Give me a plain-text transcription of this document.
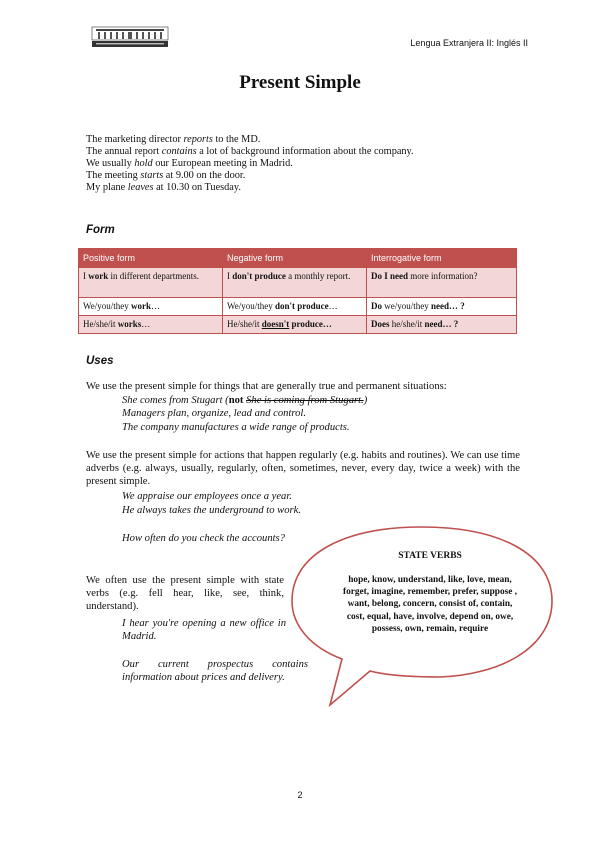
Lengua Extranjera II: Inglés II
Present Simple
The marketing director reports to the MD.
The annual report contains a lot of background information about the company.
We usually hold our European meeting in Madrid.
The meeting starts at 9.00 on the door.
My plane leaves at 10.30 on Tuesday.
Form
Positive form	Negative form	Interrogative form
I work in different departments.	I don't produce a monthly report.	Do I need more information?
We/you/they work…	We/you/they don't produce…	Do we/you/they need… ?
He/she/it works…	He/she/it doesn't produce…	Does he/she/it need… ?
Uses
We use the present simple for things that are generally true and permanent situations:
She comes from Stugart (not She is coming from Stugart.)
Managers plan, organize, lead and control.
The company manufactures a wide range of products.
We use the present simple for actions that happen regularly (e.g. habits and routines). We can use time adverbs (e.g. always, usually, regularly, often, sometimes, never, every day, twice a week) with the present simple.
We appraise our employees once a year.
He always takes the underground to work.
How often do you check the accounts?
We often use the present simple with state verbs (e.g. fell hear, like, see, think, understand).
I hear you're opening a new office in Madrid.
Our current prospectus contains information about prices and delivery.
STATE VERBS
hope, know, understand, like, love, mean, forget, imagine, remember, prefer, suppose , want, belong, concern, consist of, contain, cost, equal, have, involve, depend on, owe, possess, own, remain, require
2
